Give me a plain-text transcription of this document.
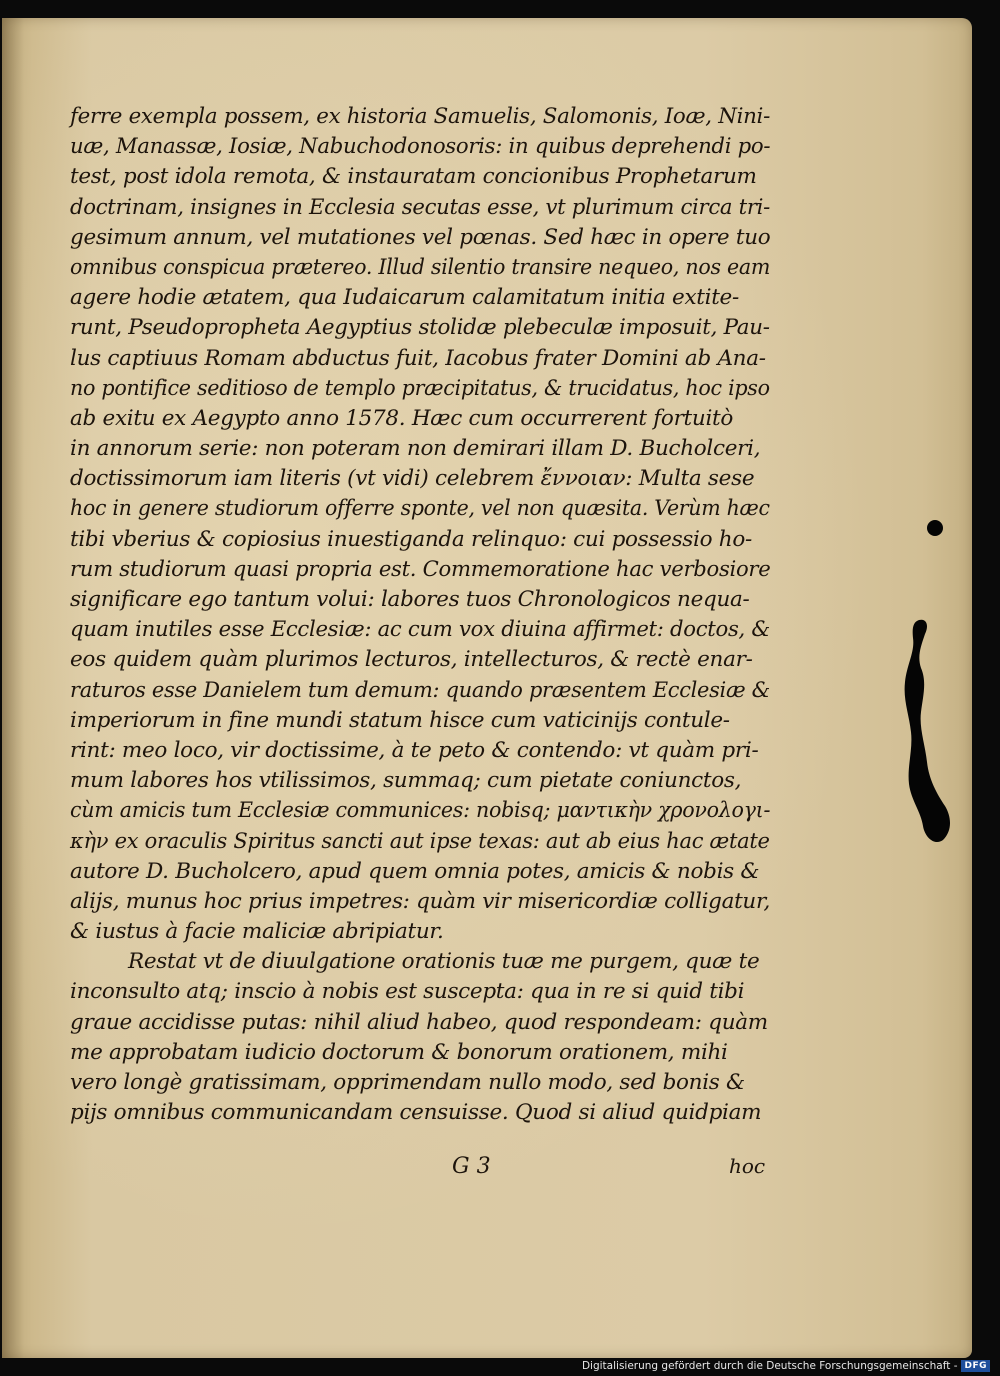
ferre exempla possem, ex historia Samuelis, Salomonis, Ioæ, Nini-
uæ, Manassæ, Iosiæ, Nabuchodonosoris: in quibus deprehendi po-
test, post idola remota, & instauratam concionibus Prophetarum
doctrinam, insignes in Ecclesia secutas esse, vt plurimum circa tri-
gesimum annum, vel mutationes vel pœnas. Sed hæc in opere tuo
omnibus conspicua prætereo. Illud silentio transire nequeo, nos eam
agere hodie ætatem, qua Iudaicarum calamitatum initia extite-
runt, Pseudopropheta Aegyptius stolidæ plebeculæ imposuit, Pau-
lus captiuus Romam abductus fuit, Iacobus frater Domini ab Ana-
no pontifice seditioso de templo præcipitatus, & trucidatus, hoc ipso
ab exitu ex Aegypto anno 1578. Hæc cum occurrerent fortuitò
in annorum serie: non poteram non demirari illam D. Bucholceri,
doctissimorum iam literis (vt vidi) celebrem ἔννοιαν: Multa sese
hoc in genere studiorum offerre sponte, vel non quæsita. Verùm hæc
tibi vberius & copiosius inuestiganda relinquo: cui possessio ho-
rum studiorum quasi propria est. Commemoratione hac verbosiore
significare ego tantum volui: labores tuos Chronologicos nequa-
quam inutiles esse Ecclesiæ: ac cum vox diuina affirmet: doctos, &
eos quidem quàm plurimos lecturos, intellecturos, & rectè enar-
raturos esse Danielem tum demum: quando præsentem Ecclesiæ &
imperiorum in fine mundi statum hisce cum vaticinijs contule-
rint: meo loco, vir doctissime, à te peto & contendo: vt quàm pri-
mum labores hos vtilissimos, summaq; cum pietate coniunctos,
cùm amicis tum Ecclesiæ communices: nobisq; μαντικὴν χρονολογι-
κὴν ex oraculis Spiritus sancti aut ipse texas: aut ab eius hac ætate
autore D. Bucholcero, apud quem omnia potes, amicis & nobis &
alijs, munus hoc prius impetres: quàm vir misericordiæ colligatur,
& iustus à facie maliciæ abripiatur.
Restat vt de diuulgatione orationis tuæ me purgem, quæ te
inconsulto atq; inscio à nobis est suscepta: qua in re si quid tibi
graue accidisse putas: nihil aliud habeo, quod respondeam: quàm
me approbatam iudicio doctorum & bonorum orationem, mihi
vero longè gratissimam, opprimendam nullo modo, sed bonis &
pijs omnibus communicandam censuisse. Quod si aliud quidpiam
G 3	hoc
Digitalisierung gefördert durch die Deutsche Forschungsgemeinschaft - DFG
